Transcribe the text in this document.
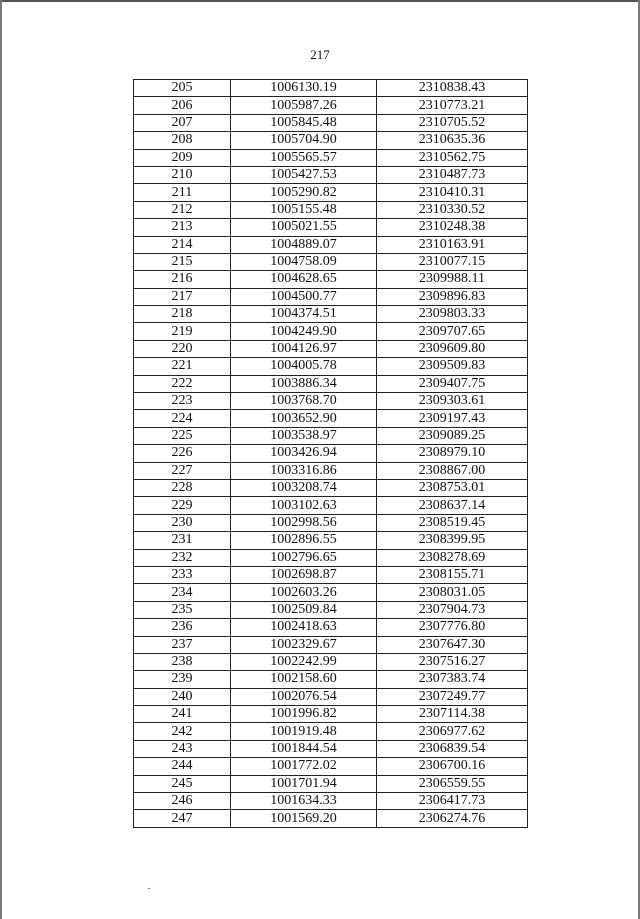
217
205	1006130.19	2310838.43
206	1005987.26	2310773.21
207	1005845.48	2310705.52
208	1005704.90	2310635.36
209	1005565.57	2310562.75
210	1005427.53	2310487.73
211	1005290.82	2310410.31
212	1005155.48	2310330.52
213	1005021.55	2310248.38
214	1004889.07	2310163.91
215	1004758.09	2310077.15
216	1004628.65	2309988.11
217	1004500.77	2309896.83
218	1004374.51	2309803.33
219	1004249.90	2309707.65
220	1004126.97	2309609.80
221	1004005.78	2309509.83
222	1003886.34	2309407.75
223	1003768.70	2309303.61
224	1003652.90	2309197.43
225	1003538.97	2309089.25
226	1003426.94	2308979.10
227	1003316.86	2308867.00
228	1003208.74	2308753.01
229	1003102.63	2308637.14
230	1002998.56	2308519.45
231	1002896.55	2308399.95
232	1002796.65	2308278.69
233	1002698.87	2308155.71
234	1002603.26	2308031.05
235	1002509.84	2307904.73
236	1002418.63	2307776.80
237	1002329.67	2307647.30
238	1002242.99	2307516.27
239	1002158.60	2307383.74
240	1002076.54	2307249.77
241	1001996.82	2307114.38
242	1001919.48	2306977.62
243	1001844.54	2306839.54
244	1001772.02	2306700.16
245	1001701.94	2306559.55
246	1001634.33	2306417.73
247	1001569.20	2306274.76
